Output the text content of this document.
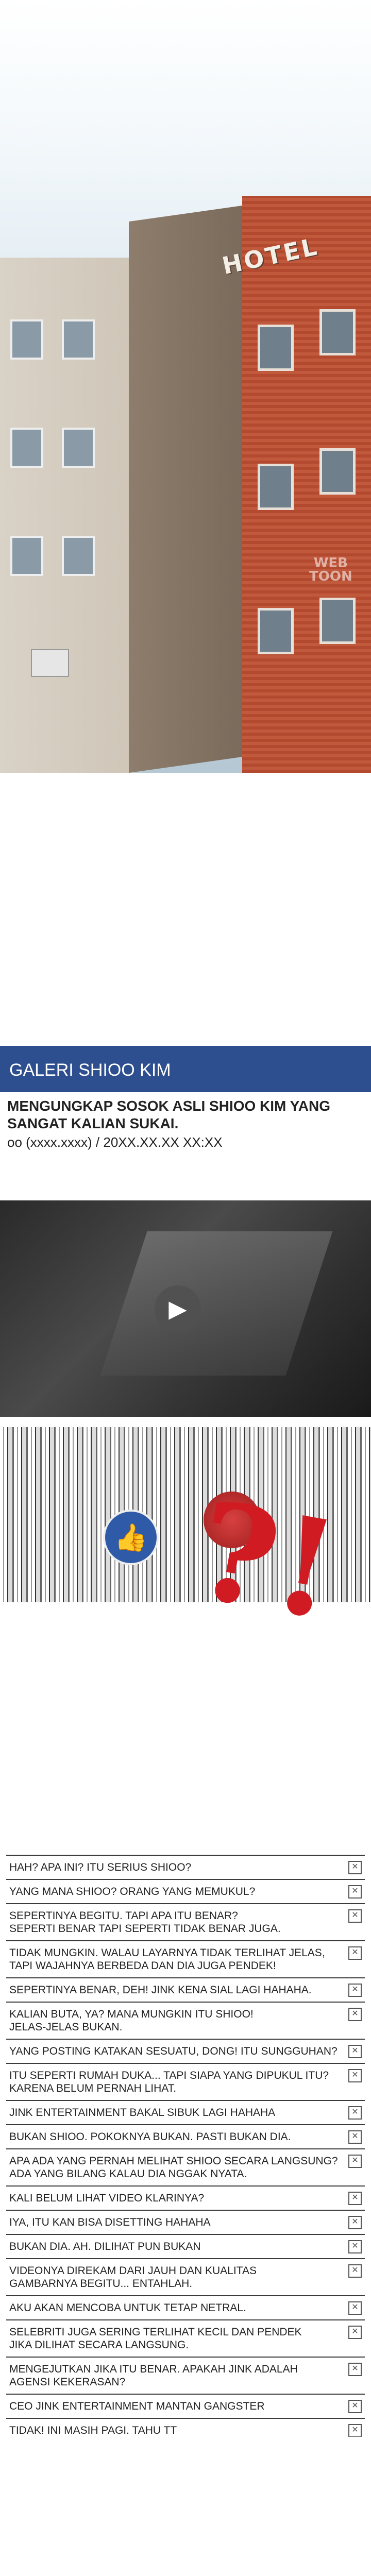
HOTEL
WEB
TOON
GALERI SHIOO KIM
MENGUNGKAP SOSOK ASLI SHIOO KIM YANG SANGAT KALIAN SUKAI.
oo (xxxx.xxxx) / 20XX.XX.XX XX:XX
▶
👍 ?!
HAH? APA INI? ITU SERIUS SHIOO?	✕
YANG MANA SHIOO? ORANG YANG MEMUKUL?	✕
SEPERTINYA BEGITU. TAPI APA ITU BENAR?
SEPERTI BENAR TAPI SEPERTI TIDAK BENAR JUGA.
✕
TIDAK MUNGKIN. WALAU LAYARNYA TIDAK TERLIHAT JELAS,
TAPI WAJAHNYA BERBEDA DAN DIA JUGA PENDEK!
✕
SEPERTINYA BENAR, DEH! JINK KENA SIAL LAGI HAHAHA.	✕
KALIAN BUTA, YA? MANA MUNGKIN ITU SHIOO!
JELAS-JELAS BUKAN.
✕
YANG POSTING KATAKAN SESUATU, DONG! ITU SUNGGUHAN?	✕
ITU SEPERTI RUMAH DUKA... TAPI SIAPA YANG DIPUKUL ITU?
KARENA BELUM PERNAH LIHAT.
✕
JINK ENTERTAINMENT BAKAL SIBUK LAGI HAHAHA	✕
BUKAN SHIOO. POKOKNYA BUKAN. PASTI BUKAN DIA.	✕
APA ADA YANG PERNAH MELIHAT SHIOO SECARA LANGSUNG?
ADA YANG BILANG KALAU DIA NGGAK NYATA.
✕
KALI BELUM LIHAT VIDEO KLARINYA?	✕
IYA, ITU KAN BISA DISETTING HAHAHA	✕
BUKAN DIA. AH. DILIHAT PUN BUKAN	✕
VIDEONYA DIREKAM DARI JAUH DAN KUALITAS
GAMBARNYA BEGITU... ENTAHLAH.
✕
AKU AKAN MENCOBA UNTUK TETAP NETRAL.	✕
SELEBRITI JUGA SERING TERLIHAT KECIL DAN PENDEK
JIKA DILIHAT SECARA LANGSUNG.
✕
MENGEJUTKAN JIKA ITU BENAR. APAKAH JINK ADALAH
AGENSI KEKERASAN?
✕
CEO JINK ENTERTAINMENT MANTAN GANGSTER	✕
TIDAK! INI MASIH PAGI. TAHU TT	✕
